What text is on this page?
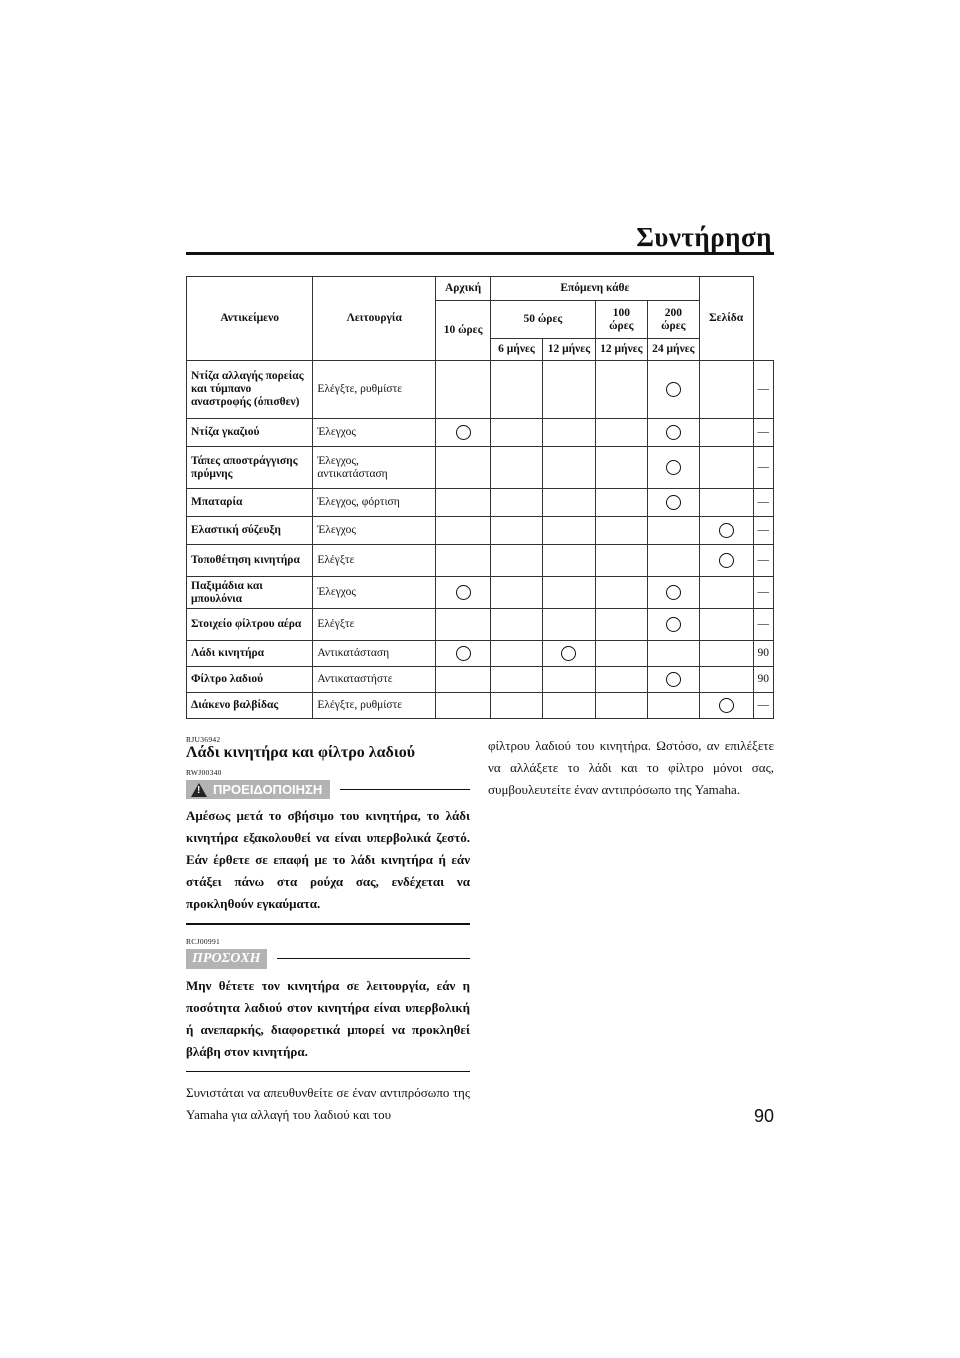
Συντήρηση
Αντικείμενο	Λειτουργία	Αρχική	Επόμενη κάθε				Σελίδα	
		10 ώρες	50 ώρες		100 ώρες	200 ώρες		
			6 μήνες	12 μήνες	12 μήνες	24 μήνες		
Ντίζα αλλαγής πορείας και τύμπανο αναστροφής (όπισθεν)	Ελέγξτε, ρυθμίστε							—
Ντίζα γκαζιού	Έλεγχος							—
Τάπες αποστράγγισης πρύμνης	Έλεγχος, αντικατάσταση							—
Μπαταρία	Έλεγχος, φόρτιση							—
Ελαστική σύζευξη	Έλεγχος							—
Τοποθέτηση κινητήρα	Ελέγξτε							—
Παξιμάδια και μπουλόνια	Έλεγχος							—
Στοιχείο φίλτρου αέρα	Ελέγξτε							—
Λάδι κινητήρα	Αντικατάσταση							90
Φίλτρο λαδιού	Αντικαταστήστε							90
Διάκενο βαλβίδας	Ελέγξτε, ρυθμίστε							—
RJU36942
Λάδι κινητήρα και φίλτρο λαδιού
RWJ00340
! ΠΡΟΕΙΔΟΠΟΙΗΣΗ

Αμέσως μετά το σβήσιμο του κινητήρα, το λάδι κινητήρα εξακολουθεί να είναι υπερβολικά ζεστό. Εάν έρθετε σε επαφή με το λάδι κινητήρα ή εάν στάξει πάνω στα ρούχα σας, ενδέχεται να προκληθούν εγκαύματα.

RCJ00991
ΠΡΟΣΟΧΗ

Μην θέτετε τον κινητήρα σε λειτουργία, εάν η ποσότητα λαδιού στον κινητήρα είναι υπερβολική ή ανεπαρκής, διαφορετικά μπορεί να προκληθεί βλάβη στον κινητήρα.

Συνιστάται να απευθυνθείτε σε έναν αντιπρόσωπο της Yamaha για αλλαγή του λαδιού και του

φίλτρου λαδιού του κινητήρα. Ωστόσο, αν επιλέξετε να αλλάξετε το λάδι και το φίλτρο μόνοι σας, συμβουλευτείτε έναν αντιπρόσωπο της Yamaha.

90
